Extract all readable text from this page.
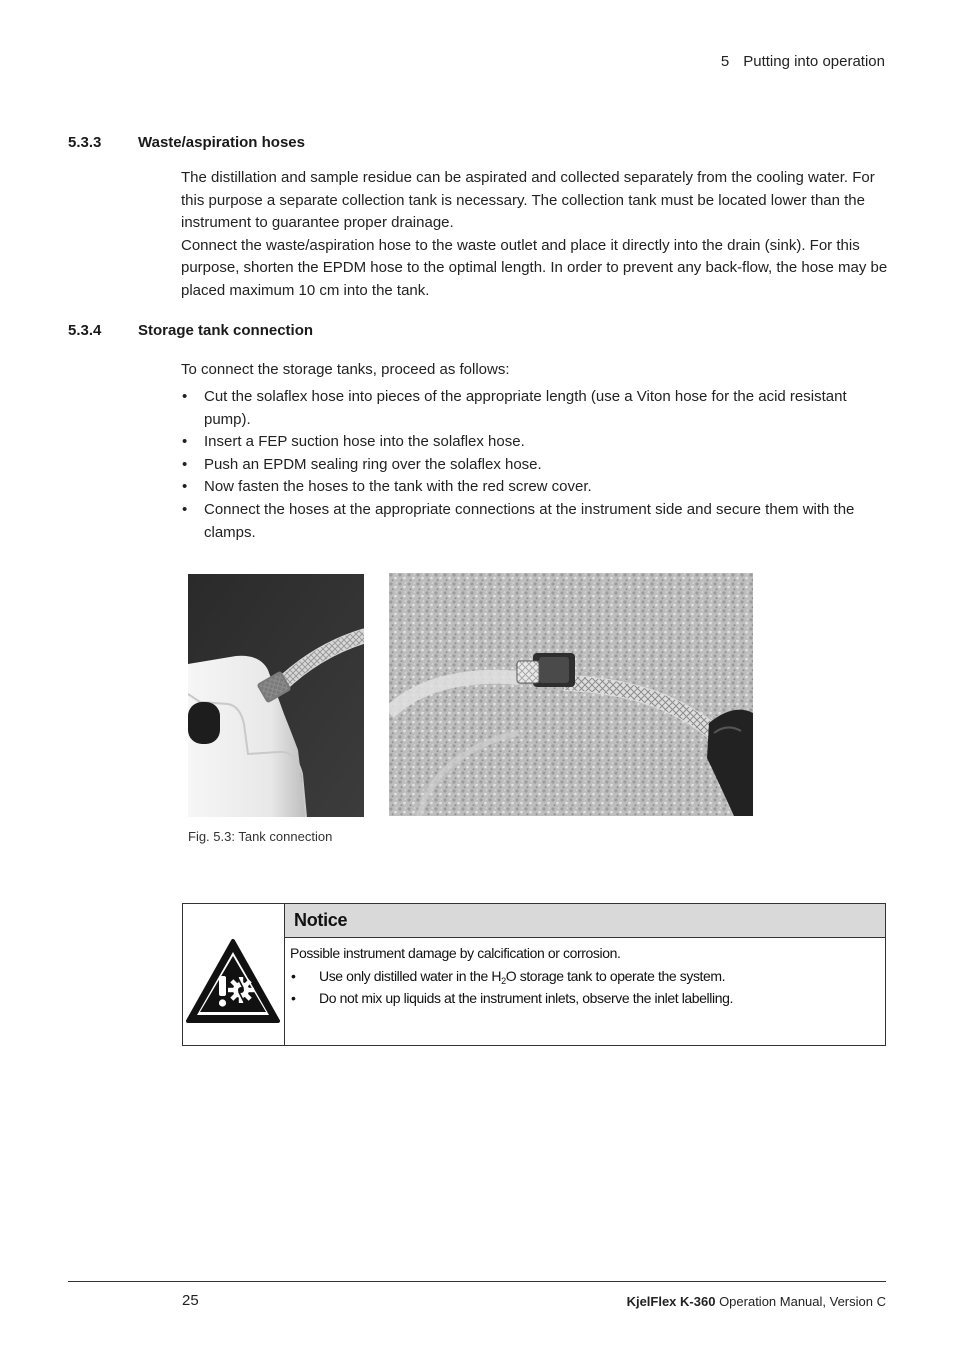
5 Putting into operation
5.3.3 Waste/aspiration hoses

The distillation and sample residue can be aspirated and collected separately from the cooling water. For this purpose a separate collection tank is necessary. The collection tank must be located lower than the instrument to guarantee proper drainage.

Connect the waste/aspiration hose to the waste outlet and place it directly into the drain (sink). For this purpose, shorten the EPDM hose to the optimal length. In order to prevent any back-flow, the hose may be placed maximum 10 cm into the tank.

5.3.4 Storage tank connection
To connect the storage tanks, proceed as follows:
• Cut the solaflex hose into pieces of the appropriate length (use a Viton hose for the acid resistant pump).
• Insert a FEP suction hose into the solaflex hose.
• Push an EPDM sealing ring over the solaflex hose.
• Now fasten the hoses to the tank with the red screw cover.
• Connect the hoses at the appropriate connections at the instrument side and secure them with the clamps.
Fig. 5.3: Tank connection
Notice

Possible instrument damage by calcification or corrosion.

• Use only distilled water in the $H_2O$ storage tank to operate the system.
• Do not mix up liquids at the instrument inlets, observe the inlet labelling.
25	KjelFlex K-360 Operation Manual, Version C
